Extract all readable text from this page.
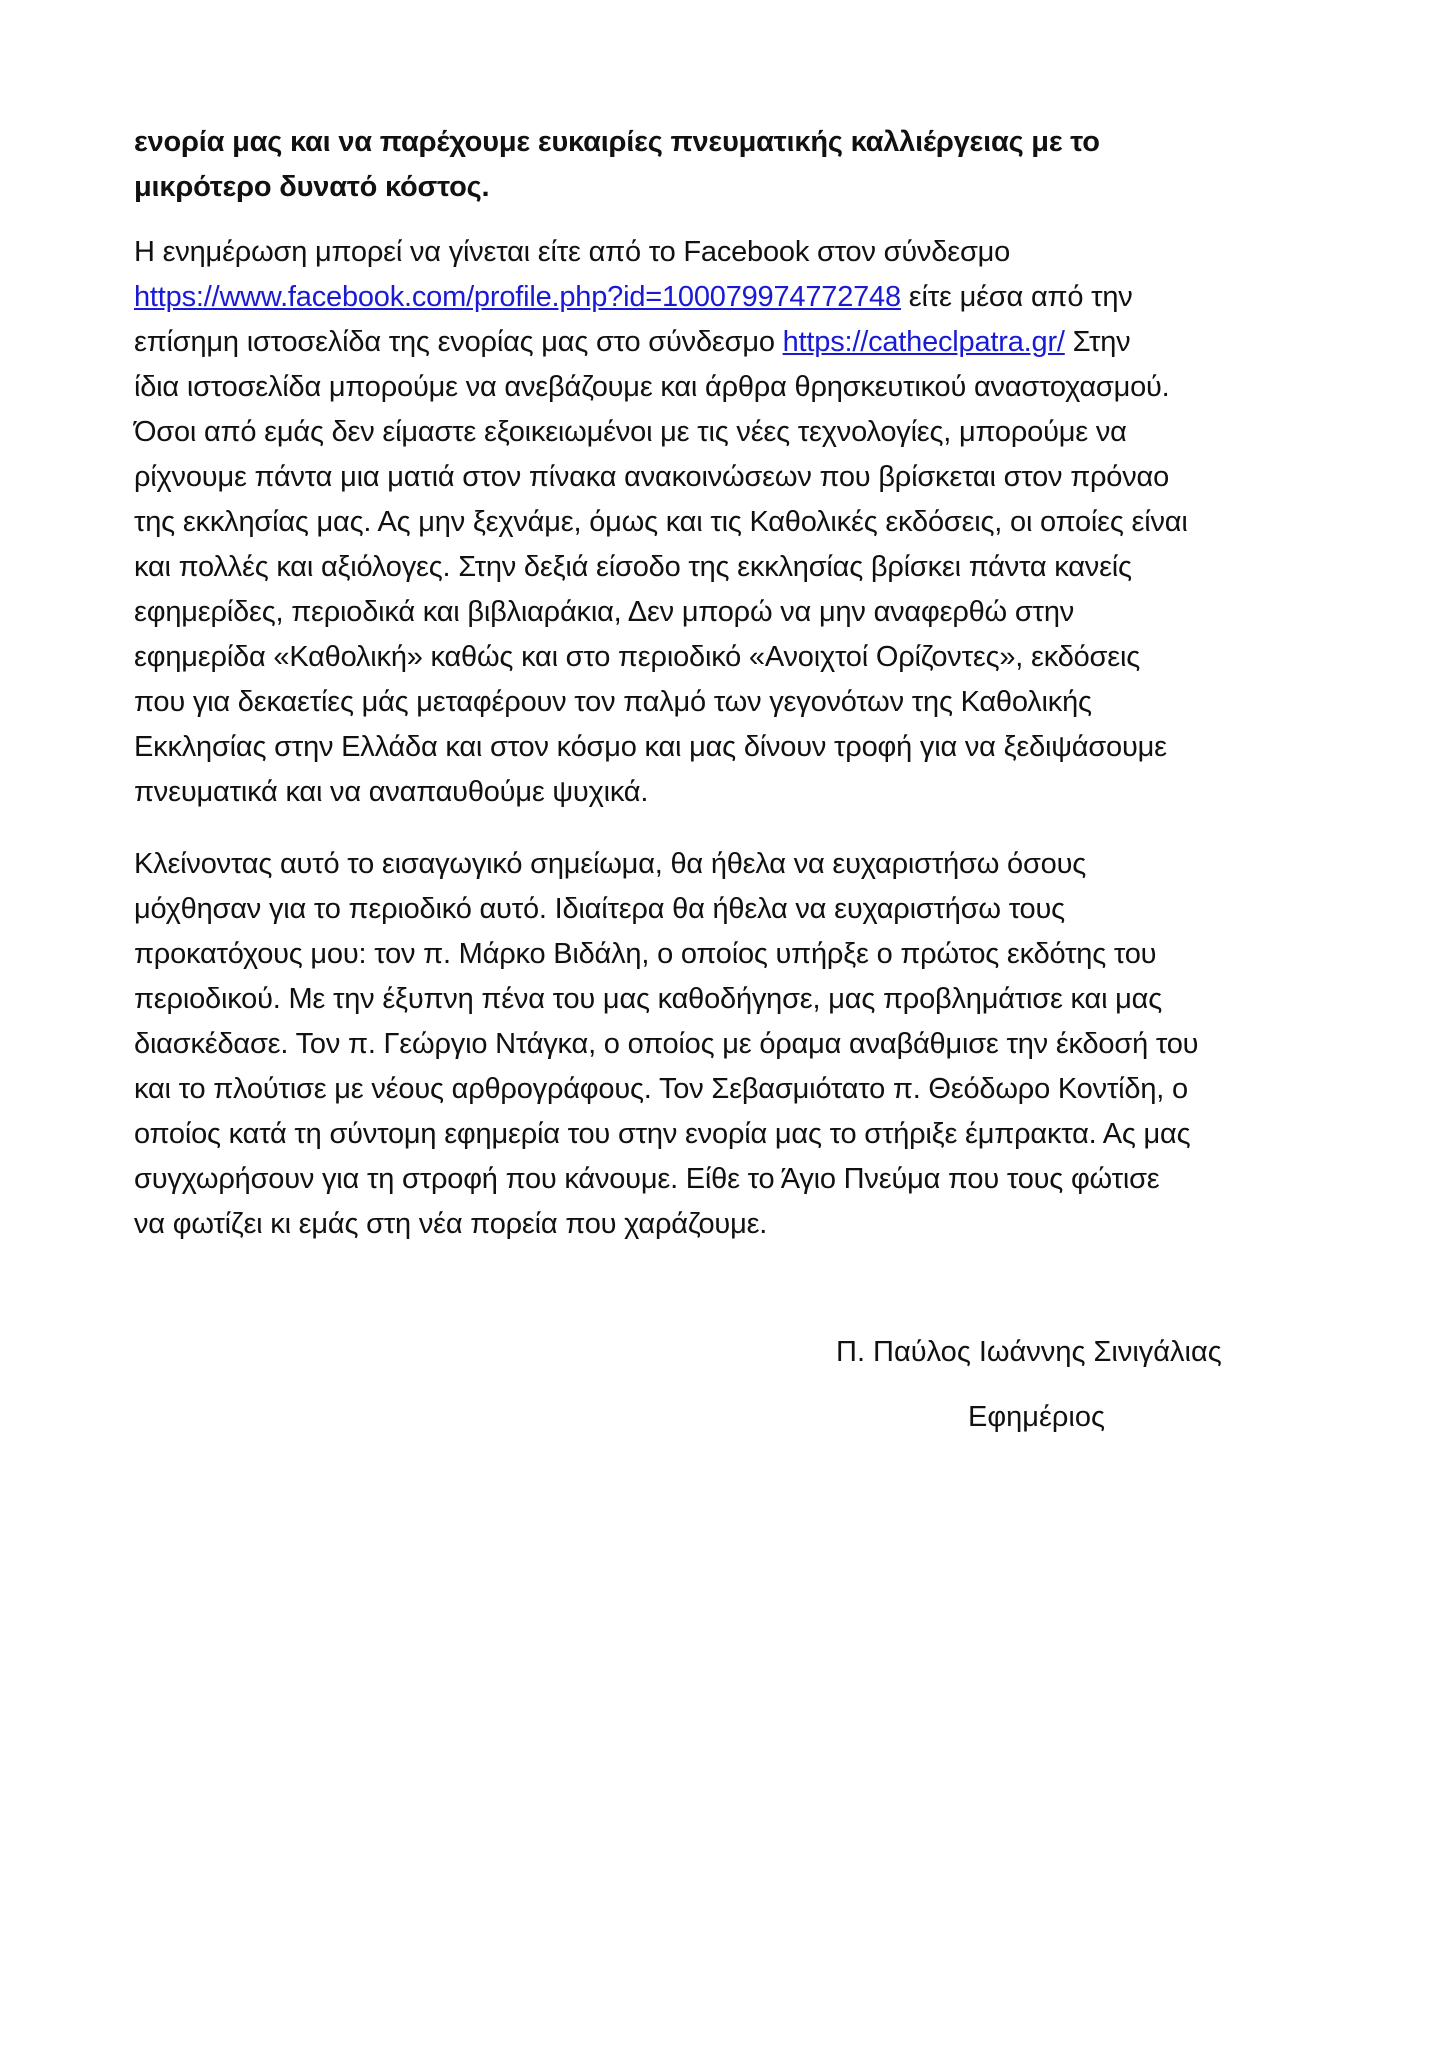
ενορία μας και να παρέχουμε ευκαιρίες πνευματικής καλλιέργειας με το
μικρότερο δυνατό κόστος.
Η ενημέρωση μπορεί να γίνεται είτε από το Facebook στον σύνδεσμο
https://www.facebook.com/profile.php?id=100079974772748 είτε μέσα από την
επίσημη ιστοσελίδα της ενορίας μας στο σύνδεσμο https://catheclpatra.gr/ Στην
ίδια ιστοσελίδα μπορούμε να ανεβάζουμε και άρθρα θρησκευτικού αναστοχασμού.
Όσοι από εμάς δεν είμαστε εξοικειωμένοι με τις νέες τεχνολογίες, μπορούμε να
ρίχνουμε πάντα μια ματιά στον πίνακα ανακοινώσεων που βρίσκεται στον πρόναο
της εκκλησίας μας. Ας μην ξεχνάμε, όμως και τις Καθολικές εκδόσεις, οι οποίες είναι
και πολλές και αξιόλογες. Στην δεξιά είσοδο της εκκλησίας βρίσκει πάντα κανείς
εφημερίδες, περιοδικά και βιβλιαράκια, Δεν μπορώ να μην αναφερθώ στην
εφημερίδα «Καθολική» καθώς και στο περιοδικό «Ανοιχτοί Ορίζοντες», εκδόσεις
που για δεκαετίες μάς μεταφέρουν τον παλμό των γεγονότων της Καθολικής
Εκκλησίας στην Ελλάδα και στον κόσμο και μας δίνουν τροφή για να ξεδιψάσουμε
πνευματικά και να αναπαυθούμε ψυχικά.
Κλείνοντας αυτό το εισαγωγικό σημείωμα, θα ήθελα να ευχαριστήσω όσους
μόχθησαν για το περιοδικό αυτό. Ιδιαίτερα θα ήθελα να ευχαριστήσω τους
προκατόχους μου: τον π. Μάρκο Βιδάλη, ο οποίος υπήρξε ο πρώτος εκδότης του
περιοδικού. Με την έξυπνη πένα του μας καθοδήγησε, μας προβλημάτισε και μας
διασκέδασε. Τον π. Γεώργιο Ντάγκα, ο οποίος με όραμα αναβάθμισε την έκδοσή του
και το πλούτισε με νέους αρθρογράφους. Τον Σεβασμιότατο π. Θεόδωρο Κοντίδη, ο
οποίος κατά τη σύντομη εφημερία του στην ενορία μας το στήριξε έμπρακτα. Ας μας
συγχωρήσουν για τη στροφή που κάνουμε. Είθε το Άγιο Πνεύμα που τους φώτισε
να φωτίζει κι εμάς στη νέα πορεία που χαράζουμε.
Π. Παύλος Ιωάννης Σινιγάλιας
Εφημέριος
